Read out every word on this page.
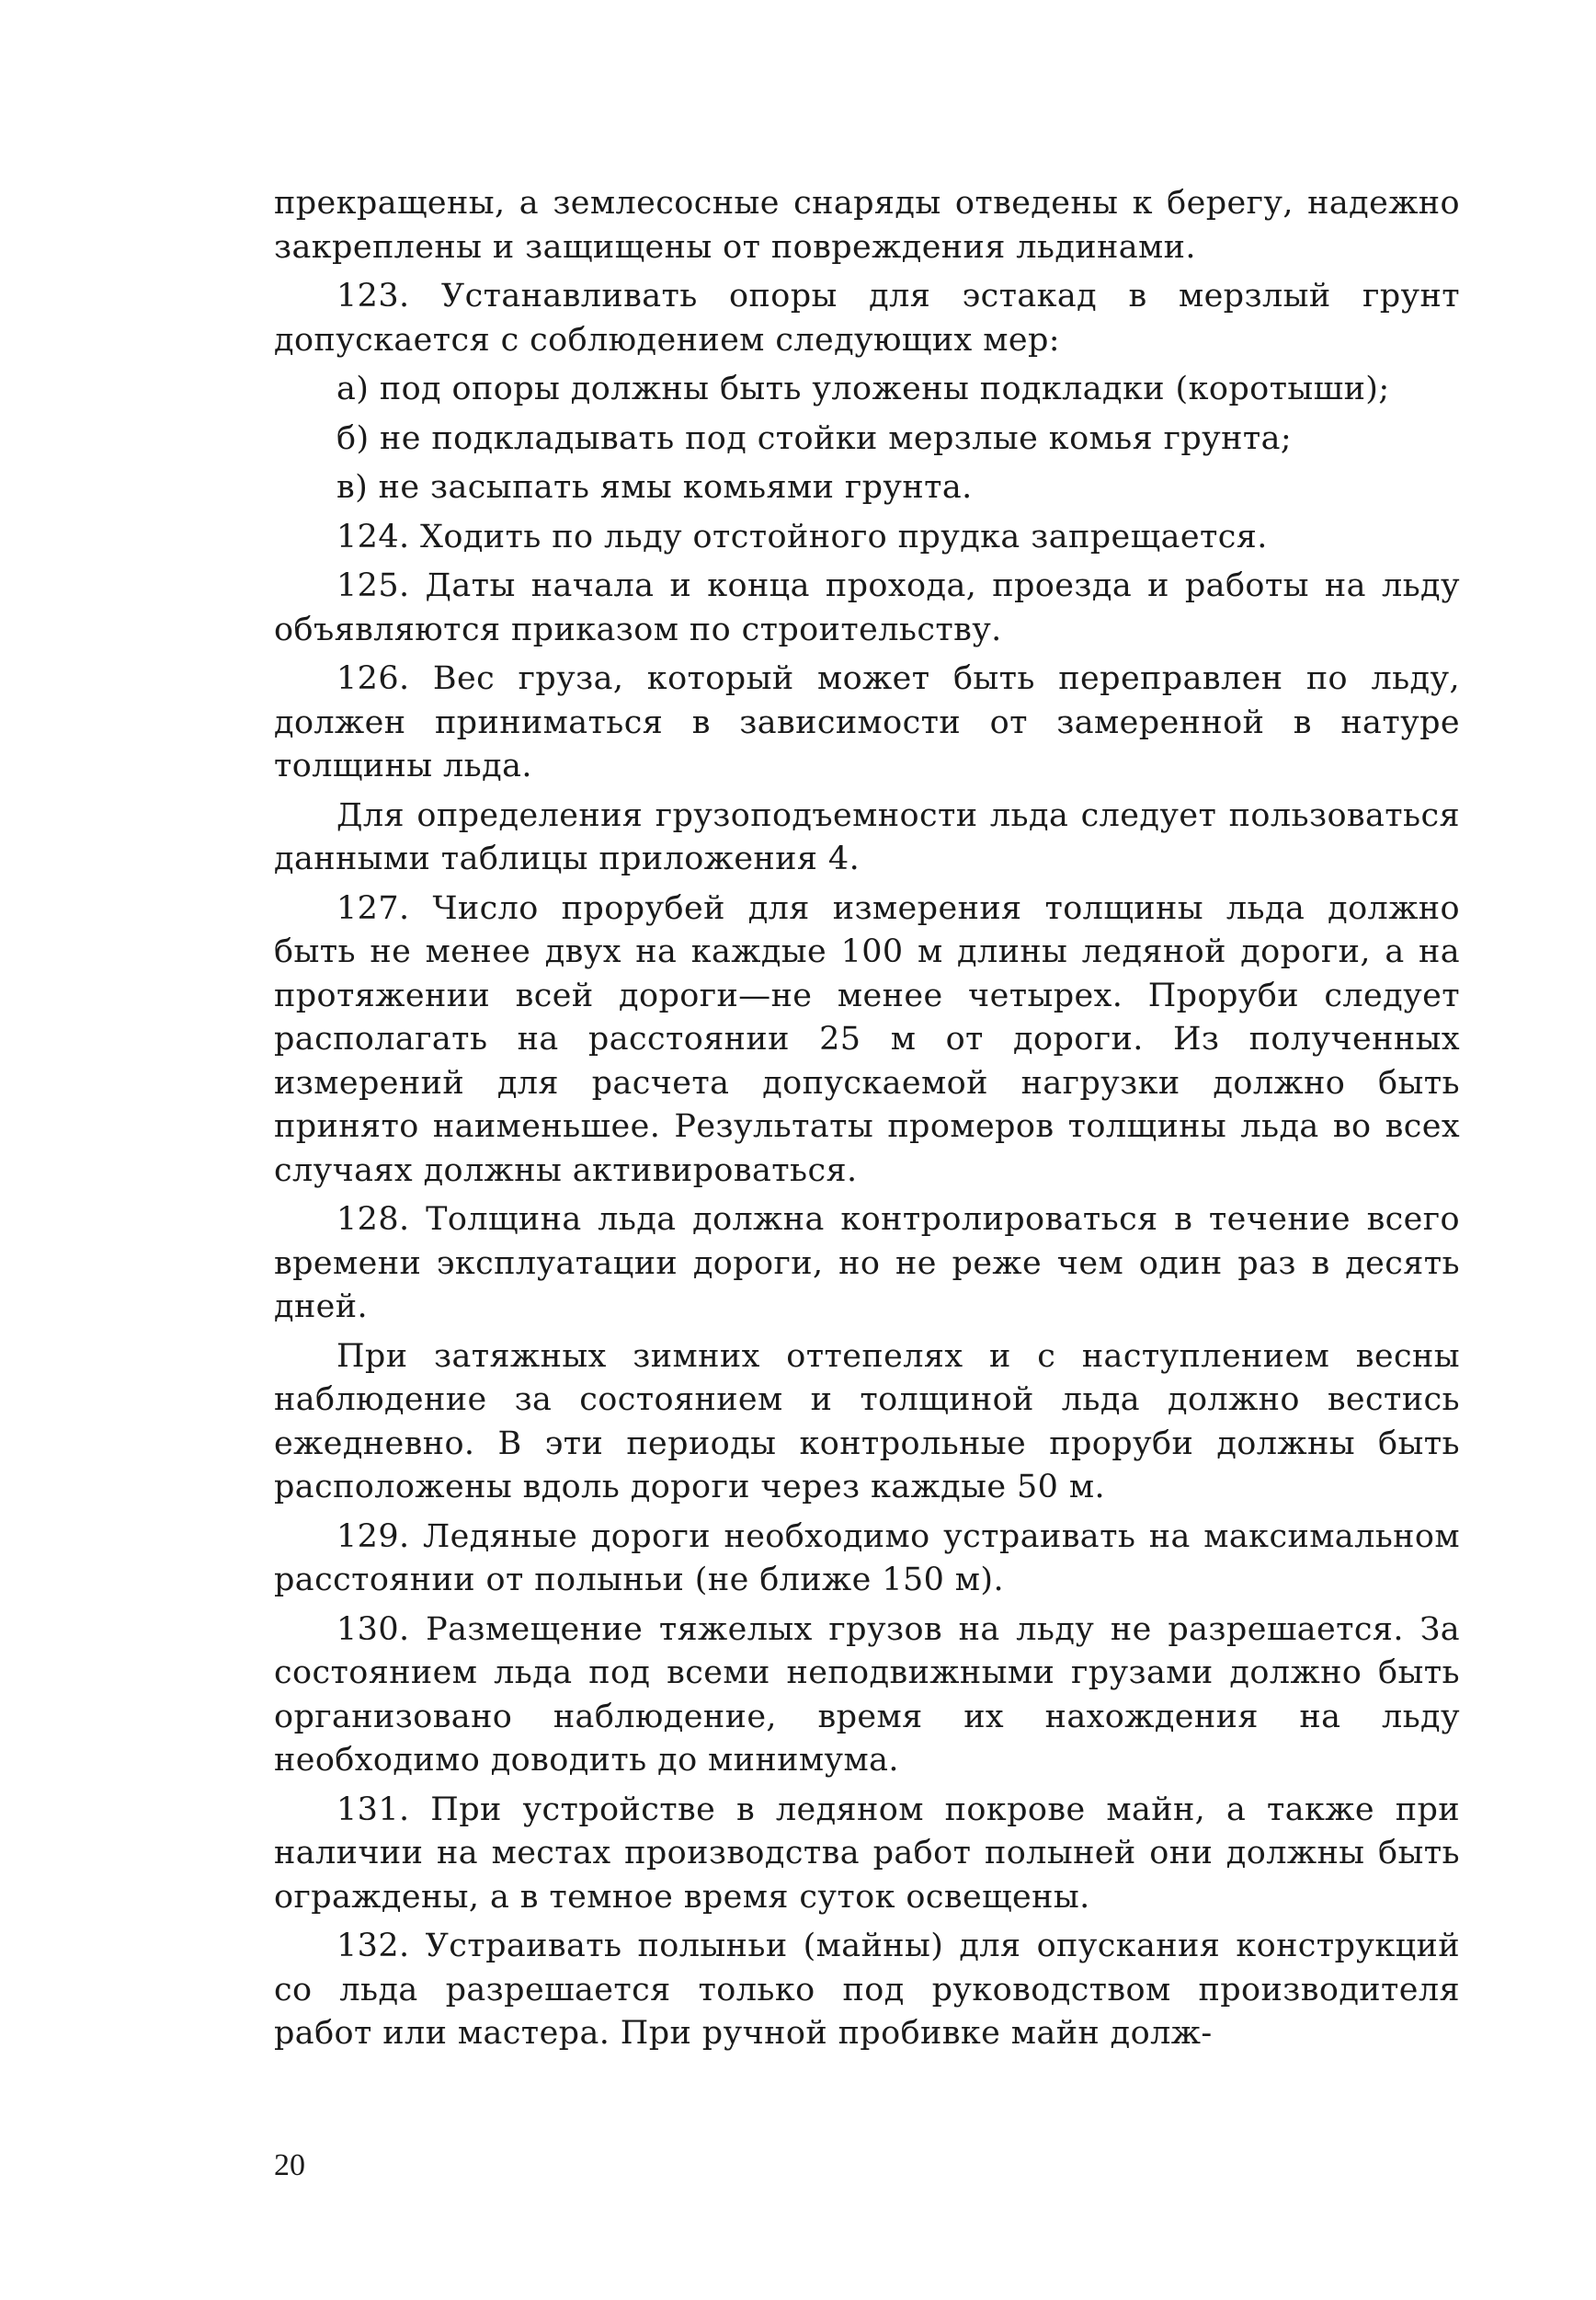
прекращены, а землесосные снаряды отведены к берегу, надежно закреплены и защищены от повреждения льдинами.

123. Устанавливать опоры для эстакад в мерзлый грунт допускается с соблюдением следующих мер:

а) под опоры должны быть уложены подкладки (коротыши);

б) не подкладывать под стойки мерзлые комья грунта;

в) не засыпать ямы комьями грунта.

124. Ходить по льду отстойного прудка запрещается.

125. Даты начала и конца прохода, проезда и работы на льду объявляются приказом по строительству.

126. Вес груза, который может быть переправлен по льду, должен приниматься в зависимости от замеренной в натуре толщины льда.

Для определения грузоподъемности льда следует пользоваться данными таблицы приложения 4.

127. Число прорубей для измерения толщины льда должно быть не менее двух на каждые 100 м длины ледяной дороги, а на протяжении всей дороги—не менее четырех. Проруби следует располагать на расстоянии 25 м от дороги. Из полученных измерений для расчета допускаемой нагрузки должно быть принято наименьшее. Результаты промеров толщины льда во всех случаях должны активироваться.

128. Толщина льда должна контролироваться в течение всего времени эксплуатации дороги, но не реже чем один раз в десять дней.

При затяжных зимних оттепелях и с наступлением весны наблюдение за состоянием и толщиной льда должно вестись ежедневно. В эти периоды контрольные проруби должны быть расположены вдоль дороги через каждые 50 м.

129. Ледяные дороги необходимо устраивать на максимальном расстоянии от полыньи (не ближе 150 м).

130. Размещение тяжелых грузов на льду не разрешается. За состоянием льда под всеми неподвижными грузами должно быть организовано наблюдение, время их нахождения на льду необходимо доводить до минимума.

131. При устройстве в ледяном покрове майн, а также при наличии на местах производства работ полыней они должны быть ограждены, а в темное время суток освещены.

132. Устраивать полыньи (майны) для опускания конструкций со льда разрешается только под руководством производителя работ или мастера. При ручной пробивке майн долж-

20
